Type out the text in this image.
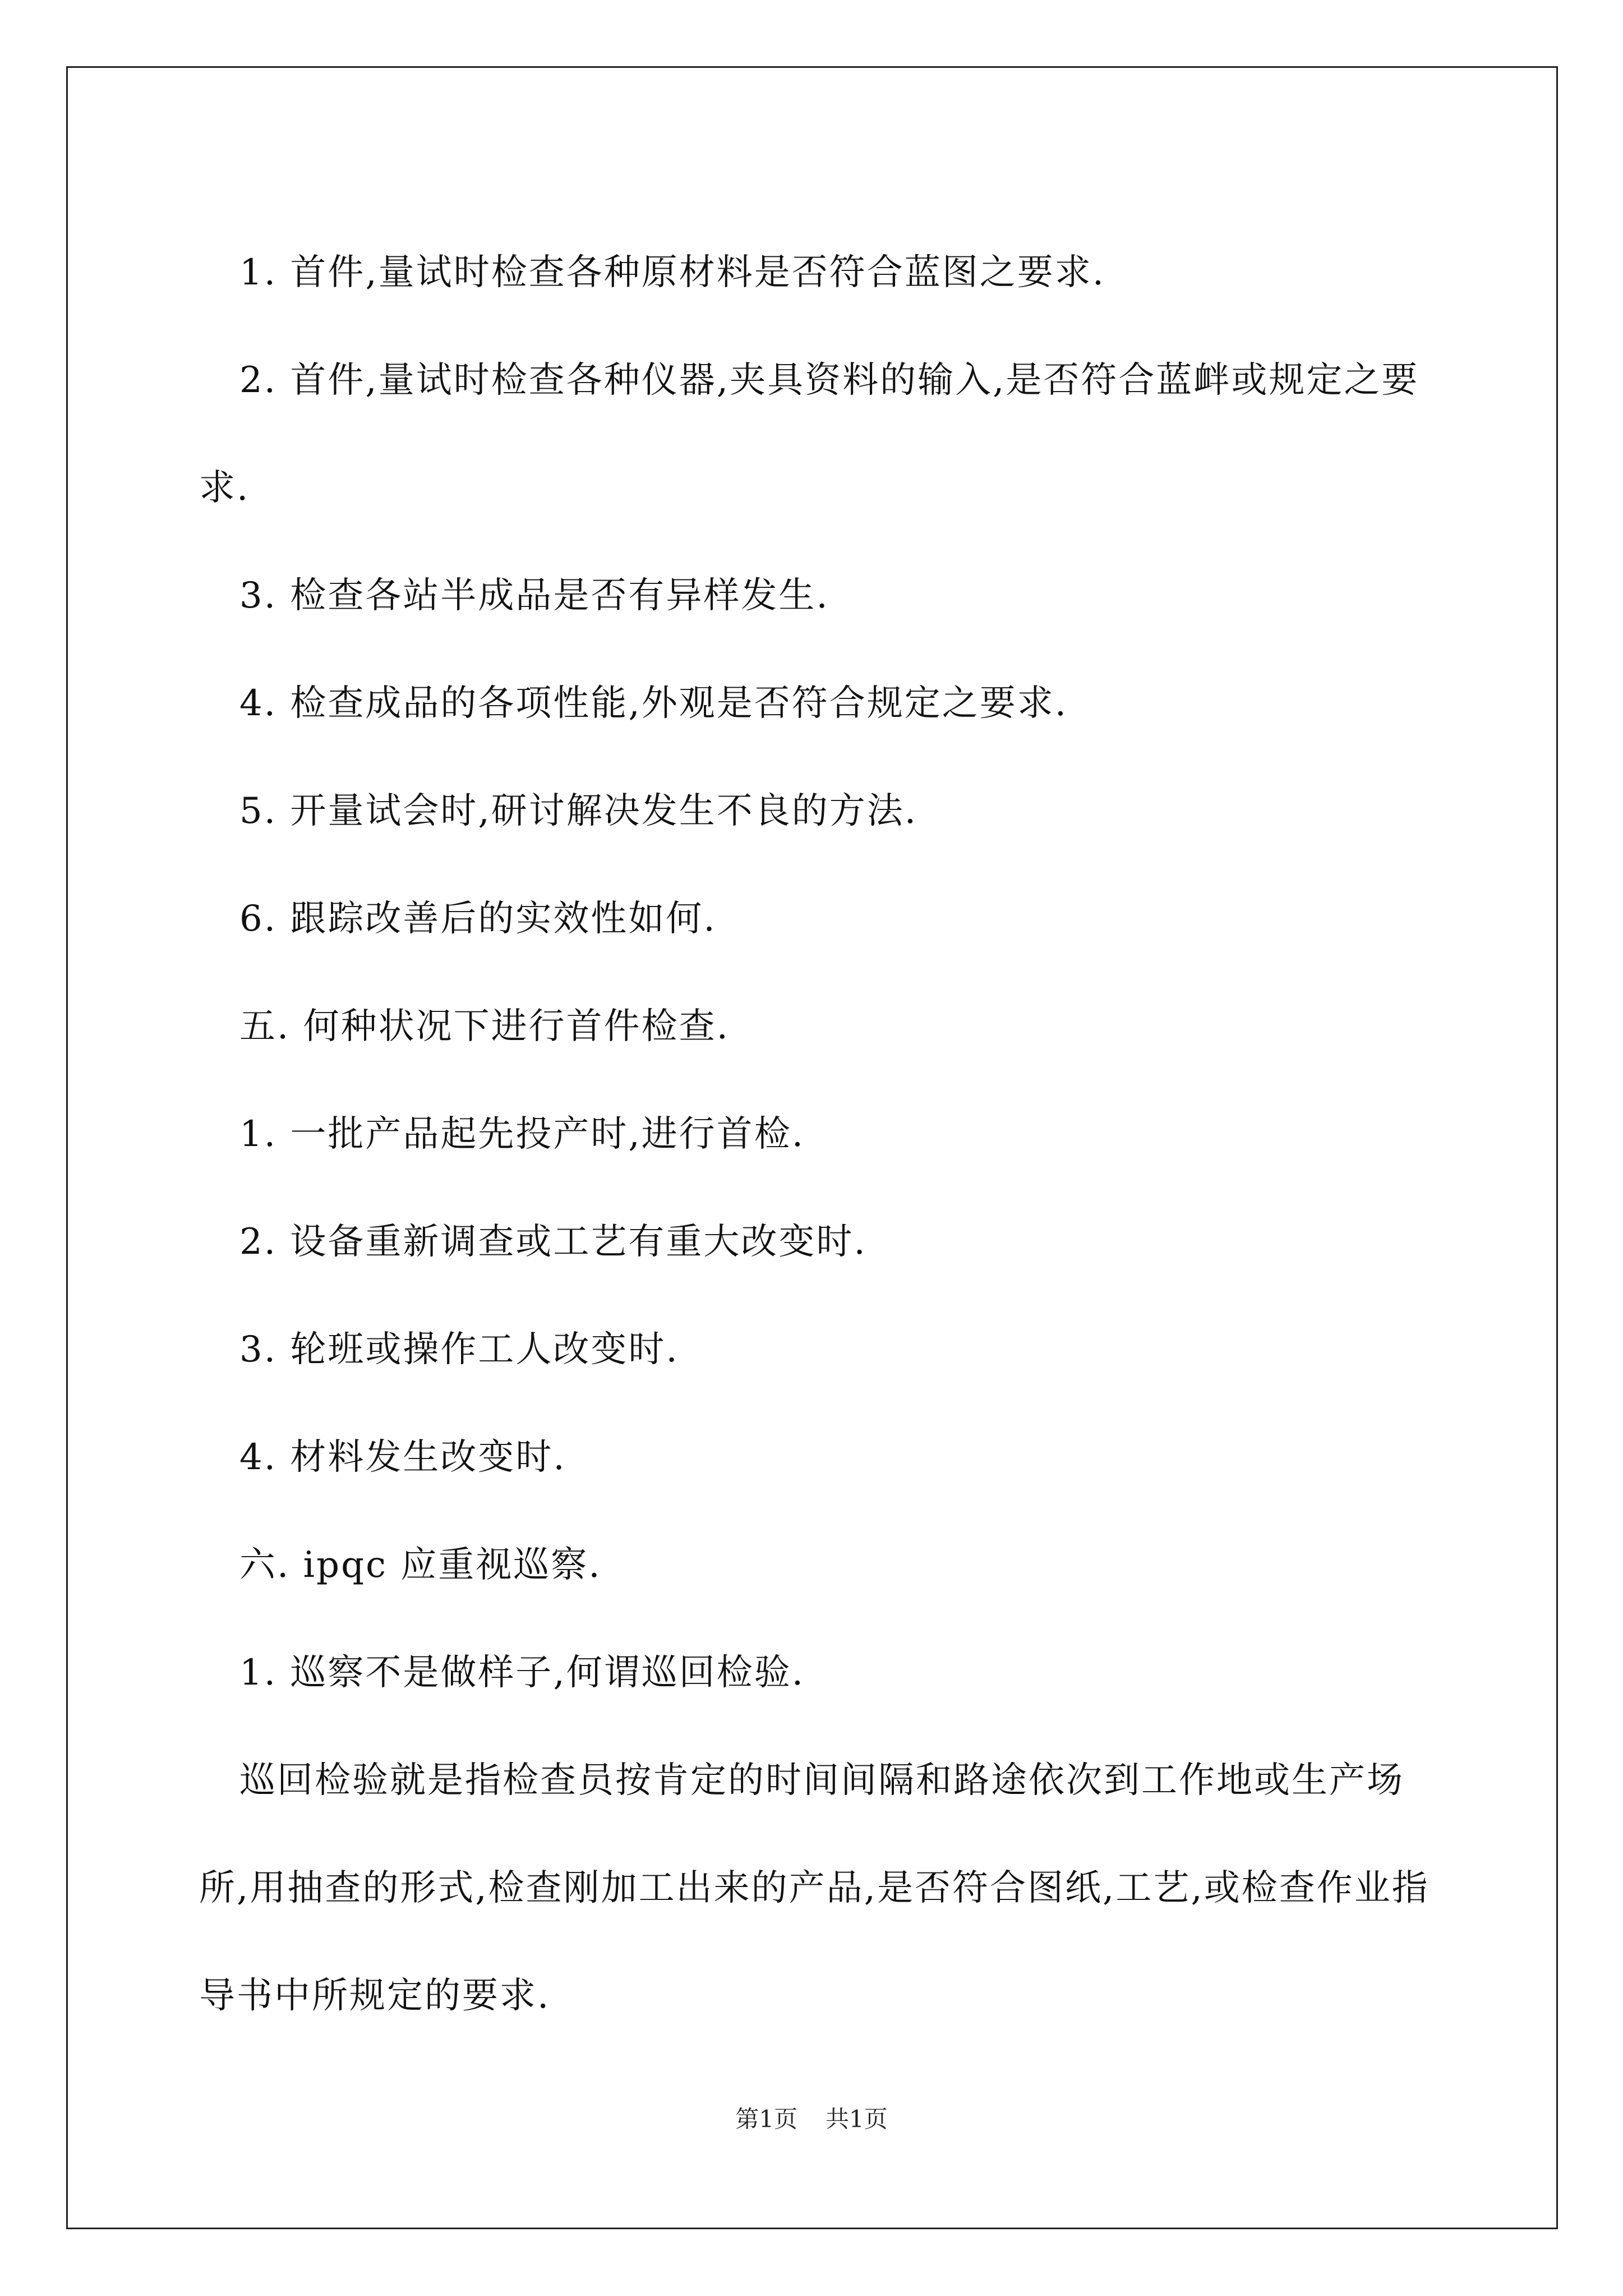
1. 首件,量试时检查各种原材料是否符合蓝图之要求.

2. 首件,量试时检查各种仪器,夹具资料的输入,是否符合蓝衅或规定之要求.

3. 检查各站半成品是否有异样发生.

4. 检查成品的各项性能,外观是否符合规定之要求.

5. 开量试会时,研讨解决发生不良的方法.

6. 跟踪改善后的实效性如何.

五. 何种状况下进行首件检查.

1. 一批产品起先投产时,进行首检.

2. 设备重新调查或工艺有重大改变时.

3. 轮班或操作工人改变时.

4. 材料发生改变时.

六. ipqc 应重视巡察.

1. 巡察不是做样子,何谓巡回检验.

巡回检验就是指检查员按肯定的时间间隔和路途依次到工作地或生产场所,用抽查的形式,检查刚加工出来的产品,是否符合图纸,工艺,或检查作业指导书中所规定的要求.

第1页 共1页
